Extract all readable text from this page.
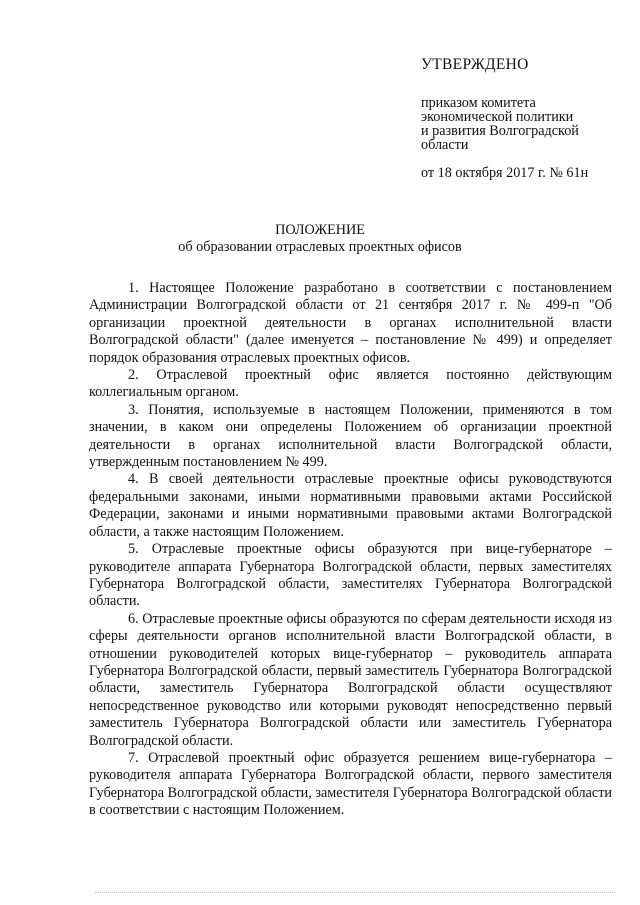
УТВЕРЖДЕНО
приказом комитета
экономической политики
и развития Волгоградской
области
от 18 октября 2017 г. № 61н
ПОЛОЖЕНИЕ
об образовании отраслевых проектных офисов

1. Настоящее Положение разработано в соответствии с постановлением Администрации Волгоградской области от 21 сентября 2017 г. № 499-п "Об организации проектной деятельности в органах исполнительной власти Волгоградской области" (далее именуется – постановление № 499) и определяет порядок образования отраслевых проектных офисов.

2. Отраслевой проектный офис является постоянно действующим коллегиальным органом.

3. Понятия, используемые в настоящем Положении, применяются в том значении, в каком они определены Положением об организации проектной деятельности в органах исполнительной власти Волгоградской области, утвержденным постановлением № 499.

4. В своей деятельности отраслевые проектные офисы руководствуются федеральными законами, иными нормативными правовыми актами Российской Федерации, законами и иными нормативными правовыми актами Волгоградской области, а также настоящим Положением.

5. Отраслевые проектные офисы образуются при вице-губернаторе – руководителе аппарата Губернатора Волгоградской области, первых заместителях Губернатора Волгоградской области, заместителях Губернатора Волгоградской области.

6. Отраслевые проектные офисы образуются по сферам деятельности исходя из сферы деятельности органов исполнительной власти Волгоградской области, в отношении руководителей которых вице-губернатор – руководитель аппарата Губернатора Волгоградской области, первый заместитель Губернатора Волгоградской области, заместитель Губернатора Волгоградской области осуществляют непосредственное руководство или которыми руководят непосредственно первый заместитель Губернатора Волгоградской области или заместитель Губернатора Волгоградской области.

7. Отраслевой проектный офис образуется решением вице-губернатора – руководителя аппарата Губернатора Волгоградской области, первого заместителя Губернатора Волгоградской области, заместителя Губернатора Волгоградской области в соответствии с настоящим Положением.
